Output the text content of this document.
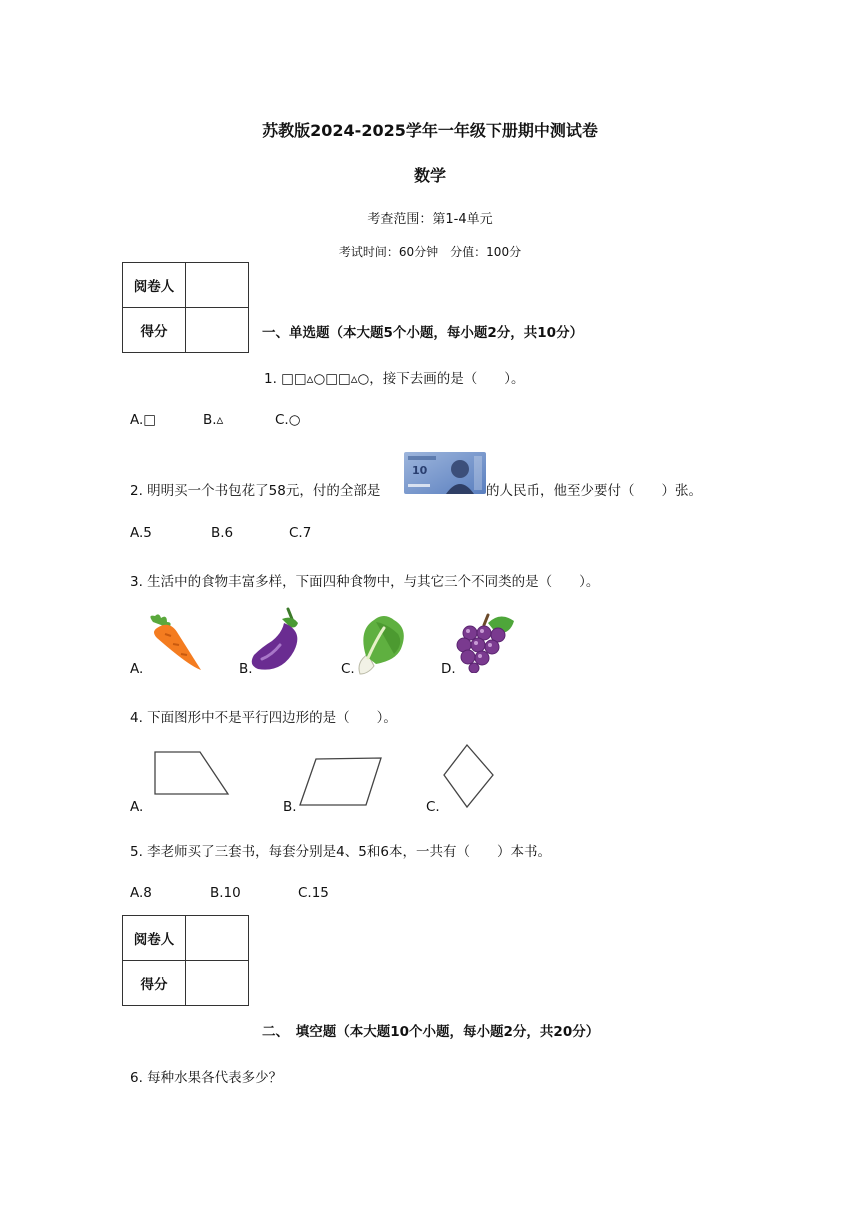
苏教版2024-2025学年一年级下册期中测试卷
数学
考查范围：第1-4单元
考试时间：60分钟　分值：100分
阅卷人	
得分		一、单选题（本大题5个小题，每小题2分，共10分）
1. □□▵○□□▵○，接下去画的是（　　）。
A.□	B.▵	C.○
2. 明明买一个书包花了58元，付的全部是
10
的人民币，他至少要付（　　）张。
A.5	B.6	C.7
3. 生活中的食物丰富多样，下面四种食物中，与其它三个不同类的是（　　）。
A.	B.	C.	D.
4. 下面图形中不是平行四边形的是（　　）。
A.	B.	C.
5. 李老师买了三套书，每套分别是4、5和6本，一共有（　　）本书。
A.8	B.10	C.15
阅卷人	
得分	
二、　填空题（本大题10个小题，每小题2分，共20分）
6. 每种水果各代表多少？
